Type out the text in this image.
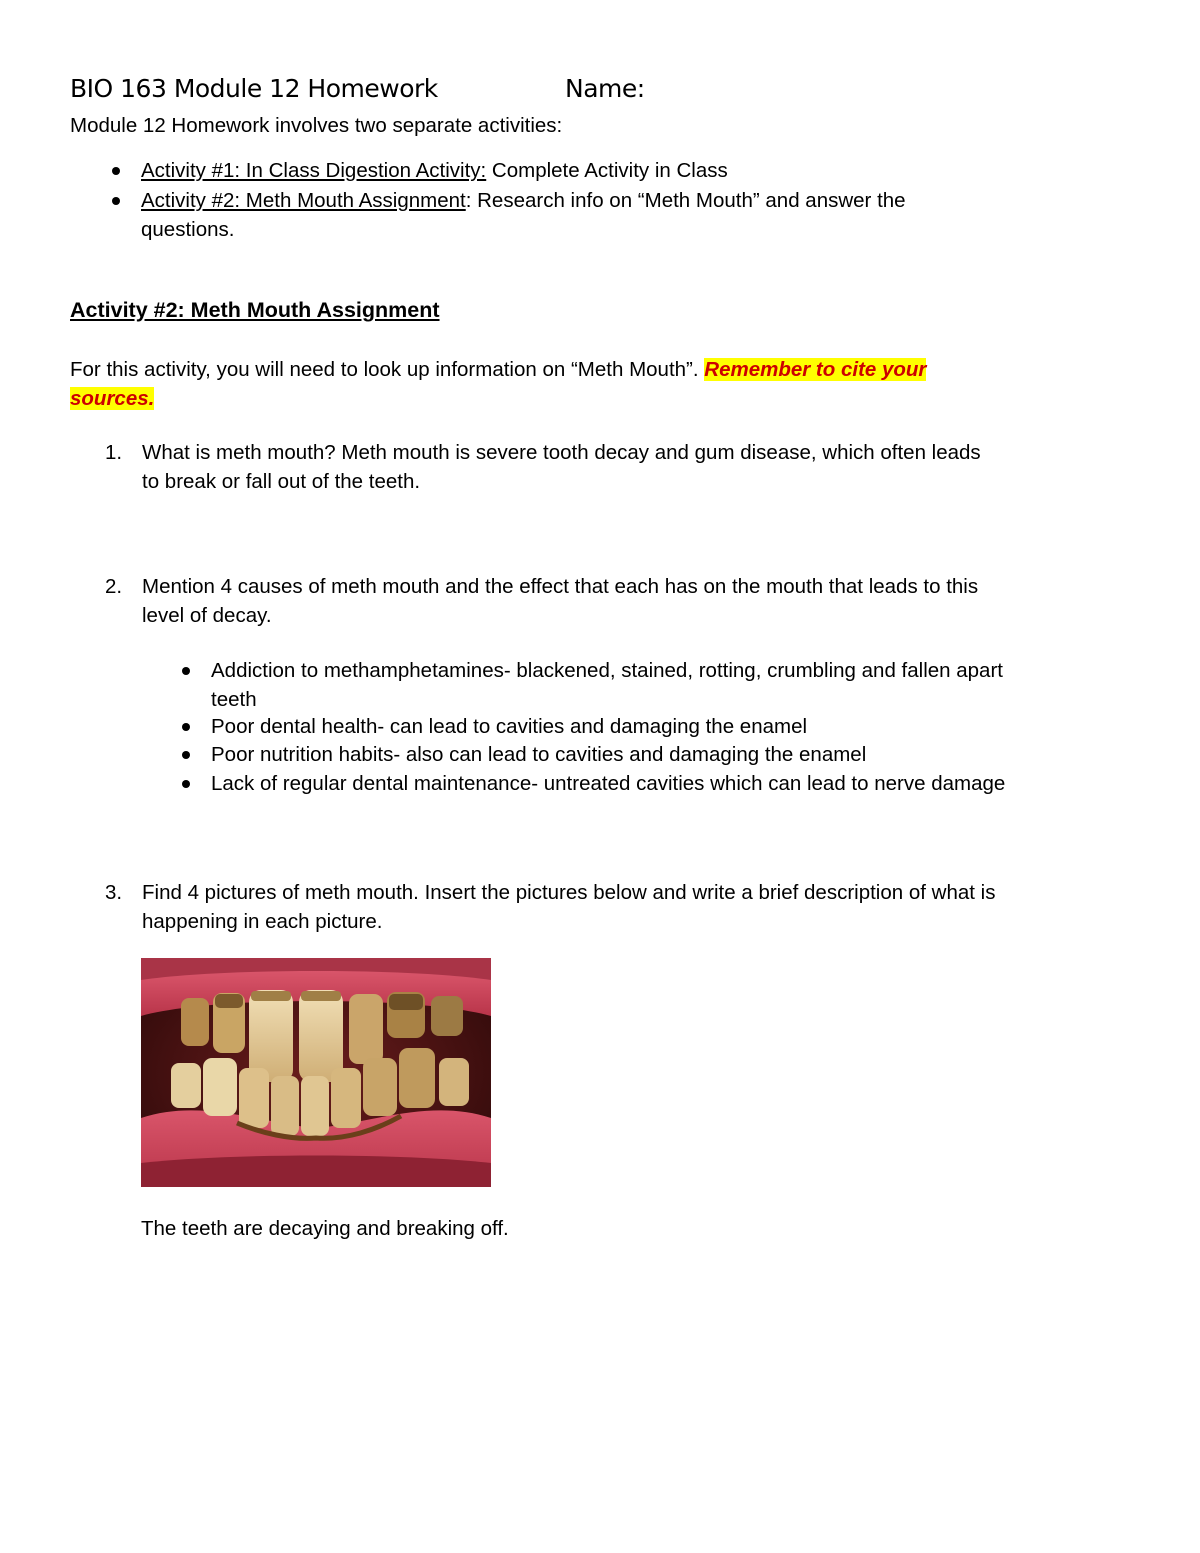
BIO 163 Module 12 Homework	Name:
Module 12 Homework involves two separate activities:
Activity #1: In Class Digestion Activity: Complete Activity in Class
Activity #2: Meth Mouth Assignment: Research info on “Meth Mouth” and answer the
questions.
Activity #2: Meth Mouth Assignment
For this activity, you will need to look up information on “Meth Mouth”. Remember to cite your
sources.
1. What is meth mouth? Meth mouth is severe tooth decay and gum disease, which often leads
to break or fall out of the teeth.
2. Mention 4 causes of meth mouth and the effect that each has on the mouth that leads to this
level of decay.
Addiction to methamphetamines- blackened, stained, rotting, crumbling and fallen apart
teeth
Poor dental health- can lead to cavities and damaging the enamel
Poor nutrition habits- also can lead to cavities and damaging the enamel
Lack of regular dental maintenance- untreated cavities which can lead to nerve damage
3. Find 4 pictures of meth mouth. Insert the pictures below and write a brief description of what is
happening in each picture.
The teeth are decaying and breaking off.
